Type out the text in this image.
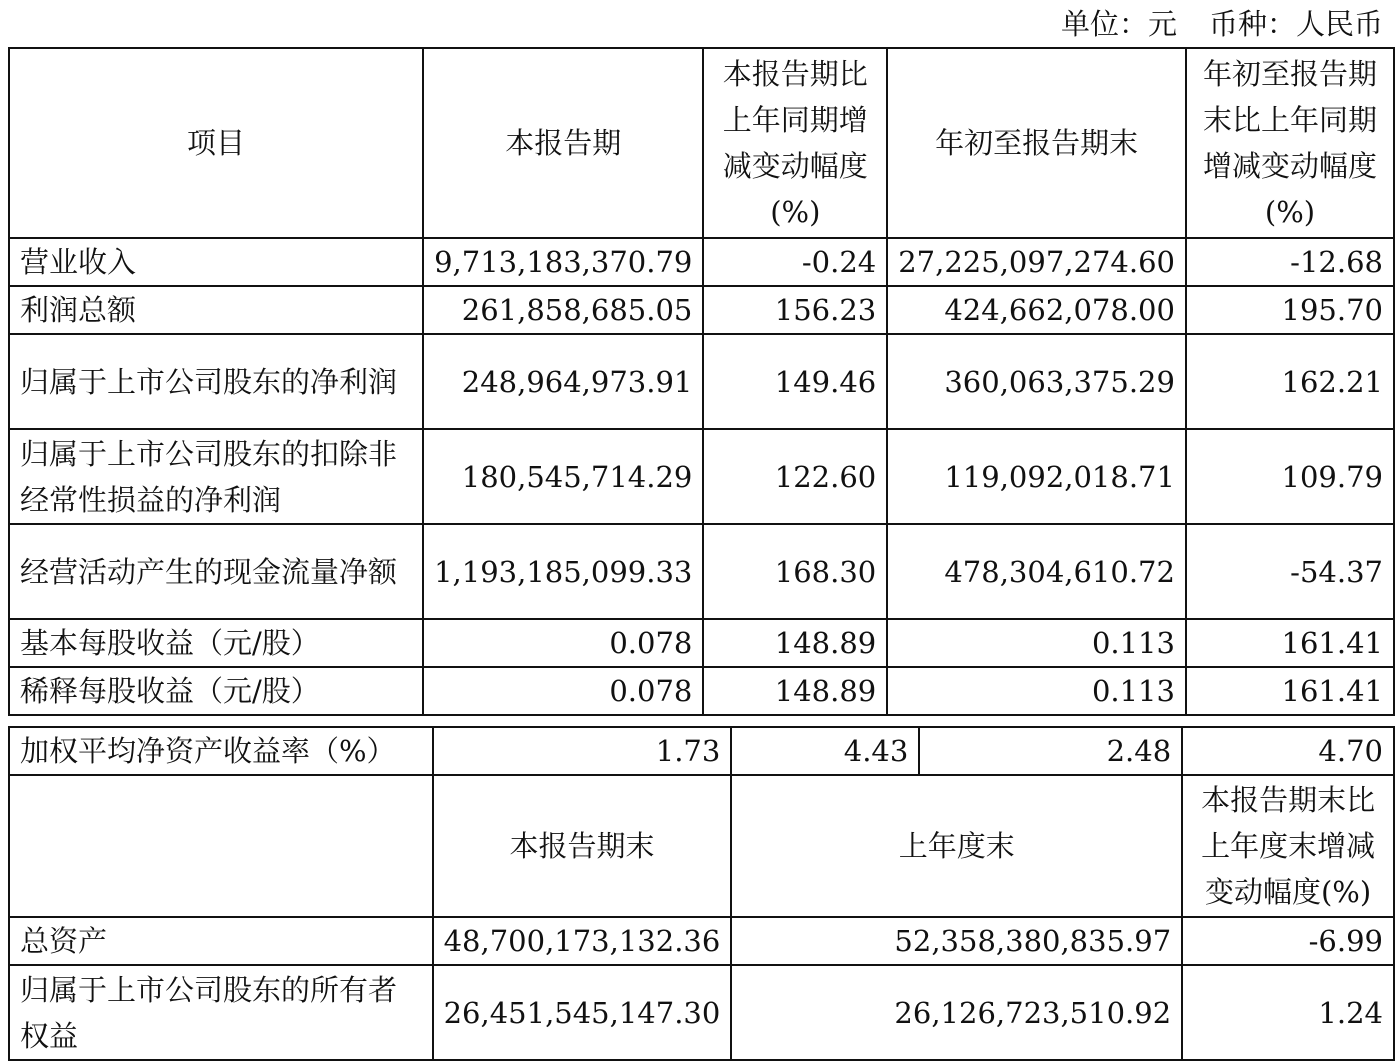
单位：元 币种：人民币
项目	本报告期	本报告期比上年同期增减变动幅度(%)	年初至报告期末	年初至报告期末比上年同期增减变动幅度(%)
营业收入	9,713,183,370.79	-0.24	27,225,097,274.60	-12.68
利润总额	261,858,685.05	156.23	424,662,078.00	195.70
归属于上市公司股东的净利润	248,964,973.91	149.46	360,063,375.29	162.21
归属于上市公司股东的扣除非经常性损益的净利润	180,545,714.29	122.60	119,092,018.71	109.79
经营活动产生的现金流量净额	1,193,185,099.33	168.30	478,304,610.72	-54.37
基本每股收益（元/股）	0.078	148.89	0.113	161.41
稀释每股收益（元/股）	0.078	148.89	0.113	161.41
加权平均净资产收益率（%）	1.73	4.43	2.48	4.70
	本报告期末	上年度末		本报告期末比上年度末增减变动幅度(%)
总资产	48,700,173,132.36	52,358,380,835.97		-6.99
归属于上市公司股东的所有者权益	26,451,545,147.30	26,126,723,510.92		1.24
